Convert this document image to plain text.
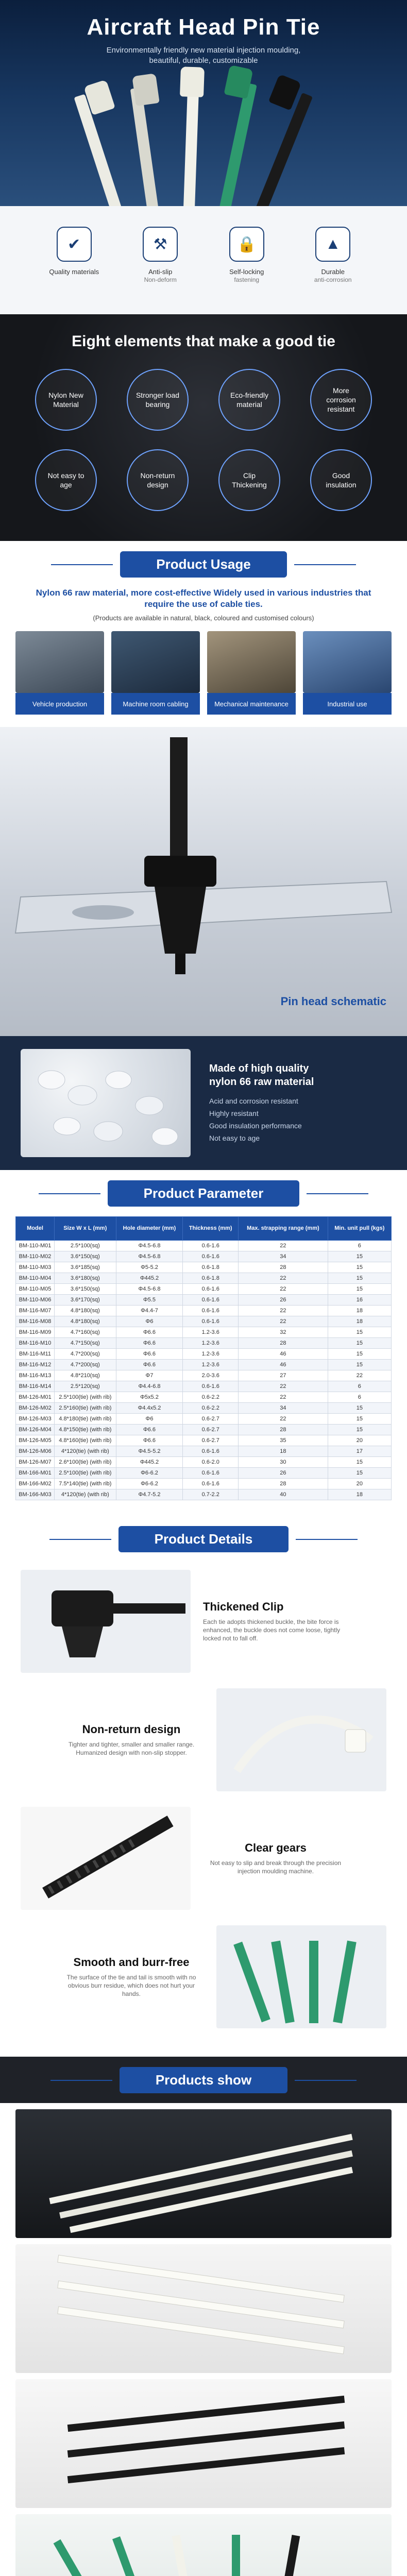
Aircraft Head Pin Tie
Environmentally friendly new material injection moulding,
beautiful, durable, customizable
✔
Quality materials
⚒
Anti-slip
Non-deform
🔒
Self-locking
fastening
▲
Durable
anti-corrosion
Eight elements that make a good tie
Nylon New Material
Stronger load bearing
Eco-friendly material
More corrosion resistant
Not easy to age
Non-return design
Clip Thickening
Good insulation
Product Usage

Nylon 66 raw material, more cost-effective Widely used in various industries that require the use of cable ties.

(Products are available in natural, black, coloured and customised colours)

Vehicle production	Machine room cabling	Mechanical maintenance	Industrial use
Pin head schematic
Made of high quality
nylon 66 raw material
Acid and corrosion resistant
Highly resistant
Good insulation performance
Not easy to age
Product Parameter
Model	Size W x L (mm)	Hole diameter (mm)	Thickness (mm)	Max. strapping range (mm)	Min. unit pull (kgs)
BM-110-M01	2.5*100(sq)	Φ4.5-6.8	0.6-1.6	22	6
BM-110-M02	3.6*150(sq)	Φ4.5-6.8	0.6-1.6	34	15
BM-110-M03	3.6*185(sq)	Φ5-5.2	0.6-1.8	28	15
BM-110-M04	3.6*180(sq)	Φ445.2	0.6-1.8	22	15
BM-110-M05	3.6*150(sq)	Φ4.5-6.8	0.6-1.6	22	15
BM-110-M06	3.6*170(sq)	Φ5.5	0.6-1.6	26	16
BM-116-M07	4.8*180(sq)	Φ4.4-7	0.6-1.6	22	18
BM-116-M08	4.8*180(sq)	Φ6	0.6-1.6	22	18
BM-116-M09	4.7*160(sq)	Φ6.6	1.2-3.6	32	15
BM-116-M10	4.7*150(sq)	Φ6.6	1.2-3.6	28	15
BM-116-M11	4.7*200(sq)	Φ6.6	1.2-3.6	46	15
BM-116-M12	4.7*200(sq)	Φ6.6	1.2-3.6	46	15
BM-116-M13	4.8*210(sq)	Φ7	2.0-3.6	27	22
BM-116-M14	2.5*120(sq)	Φ4.4-6.8	0.6-1.6	22	6
BM-126-M01	2.5*100(tie) (with rib)	Φ5x5.2	0.6-2.2	22	6
BM-126-M02	2.5*160(tie) (with rib)	Φ4.4x5.2	0.6-2.2	34	15
BM-126-M03	4.8*180(tie) (with rib)	Φ6	0.6-2.7	22	15
BM-126-M04	4.8*150(tie) (with rib)	Φ6.6	0.6-2.7	28	15
BM-126-M05	4.8*160(tie) (with rib)	Φ6.6	0.6-2.7	35	20
BM-126-M06	4*120(tie) (with rib)	Φ4.5-5.2	0.6-1.6	18	17
BM-126-M07	2.6*100(tie) (with rib)	Φ445.2	0.6-2.0	30	15
BM-166-M01	2.5*100(tie) (with rib)	Φ6-6.2	0.6-1.6	26	15
BM-166-M02	7.5*140(tie) (with rib)	Φ6-6.2	0.6-1.6	28	20
BM-166-M03	4*120(tie) (with rib)	Φ4.7-5.2	0.7-2.2	40	18
Product Details
Thickened Clip
Each tie adopts thickened buckle, the bite force is enhanced, the buckle does not come loose, tightly locked not to fall off.
Non-return design
Tighter and tighter, smaller and smaller range. Humanized design with non-slip stopper.
Clear gears
Not easy to slip and break through the precision injection moulding machine.
Smooth and burr-free
The surface of the tie and tail is smooth with no obvious burr residue, which does not hurt your hands.
Products show
